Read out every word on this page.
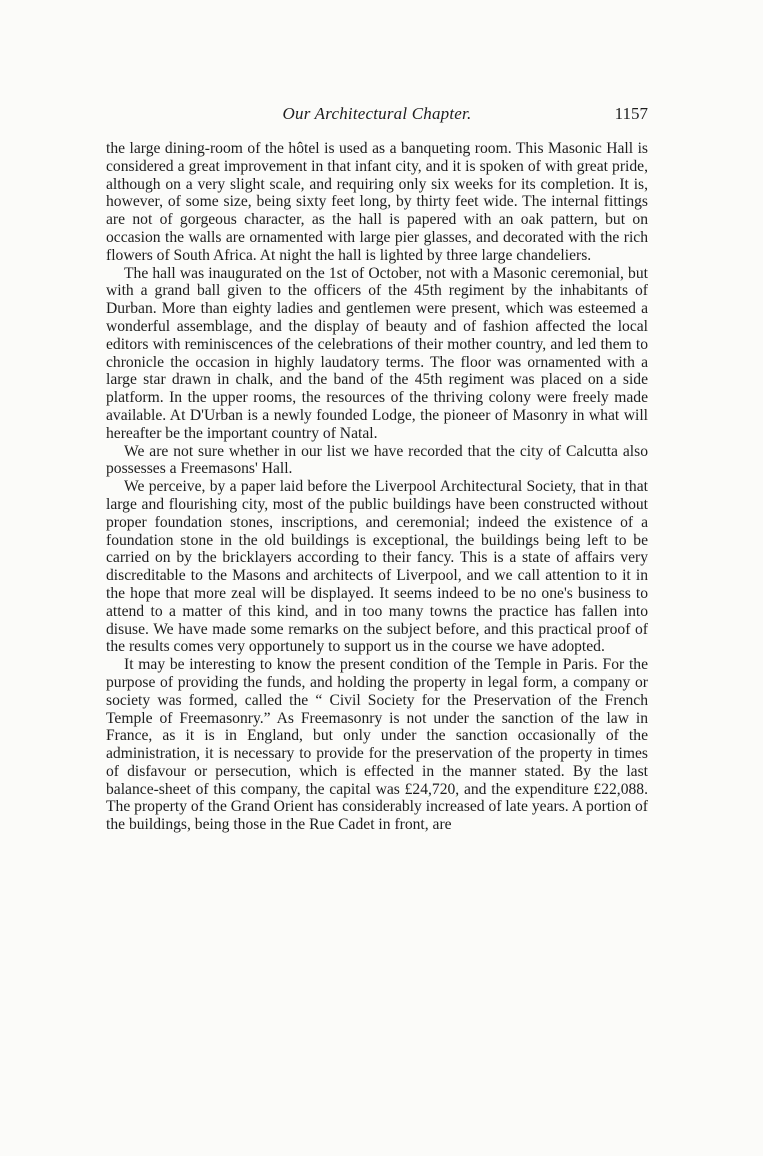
Our Architectural Chapter.	1157

the large dining-room of the hôtel is used as a banqueting room. This Masonic Hall is considered a great improvement in that infant city, and it is spoken of with great pride, although on a very slight scale, and requiring only six weeks for its completion. It is, however, of some size, being sixty feet long, by thirty feet wide. The internal fittings are not of gorgeous character, as the hall is papered with an oak pattern, but on occasion the walls are ornamented with large pier glasses, and decorated with the rich flowers of South Africa. At night the hall is lighted by three large chandeliers.

The hall was inaugurated on the 1st of October, not with a Masonic ceremonial, but with a grand ball given to the officers of the 45th regiment by the inhabitants of Durban. More than eighty ladies and gentlemen were present, which was esteemed a wonderful assemblage, and the display of beauty and of fashion affected the local editors with reminiscences of the celebrations of their mother country, and led them to chronicle the occasion in highly laudatory terms. The floor was ornamented with a large star drawn in chalk, and the band of the 45th regiment was placed on a side platform. In the upper rooms, the resources of the thriving colony were freely made available. At D'Urban is a newly founded Lodge, the pioneer of Masonry in what will hereafter be the important country of Natal.

We are not sure whether in our list we have recorded that the city of Calcutta also possesses a Freemasons' Hall.

We perceive, by a paper laid before the Liverpool Architectural Society, that in that large and flourishing city, most of the public buildings have been constructed without proper foundation stones, inscriptions, and ceremonial; indeed the existence of a foundation stone in the old buildings is exceptional, the buildings being left to be carried on by the bricklayers according to their fancy. This is a state of affairs very discreditable to the Masons and architects of Liverpool, and we call attention to it in the hope that more zeal will be displayed. It seems indeed to be no one's business to attend to a matter of this kind, and in too many towns the practice has fallen into disuse. We have made some remarks on the subject before, and this practical proof of the results comes very opportunely to support us in the course we have adopted.

It may be interesting to know the present condition of the Temple in Paris. For the purpose of providing the funds, and holding the property in legal form, a company or society was formed, called the “ Civil Society for the Preservation of the French Temple of Freemasonry.” As Freemasonry is not under the sanction of the law in France, as it is in England, but only under the sanction occasionally of the administration, it is necessary to provide for the preservation of the property in times of disfavour or persecution, which is effected in the manner stated. By the last balance-sheet of this company, the capital was £24,720, and the expenditure £22,088. The property of the Grand Orient has considerably increased of late years. A portion of the buildings, being those in the Rue Cadet in front, are
